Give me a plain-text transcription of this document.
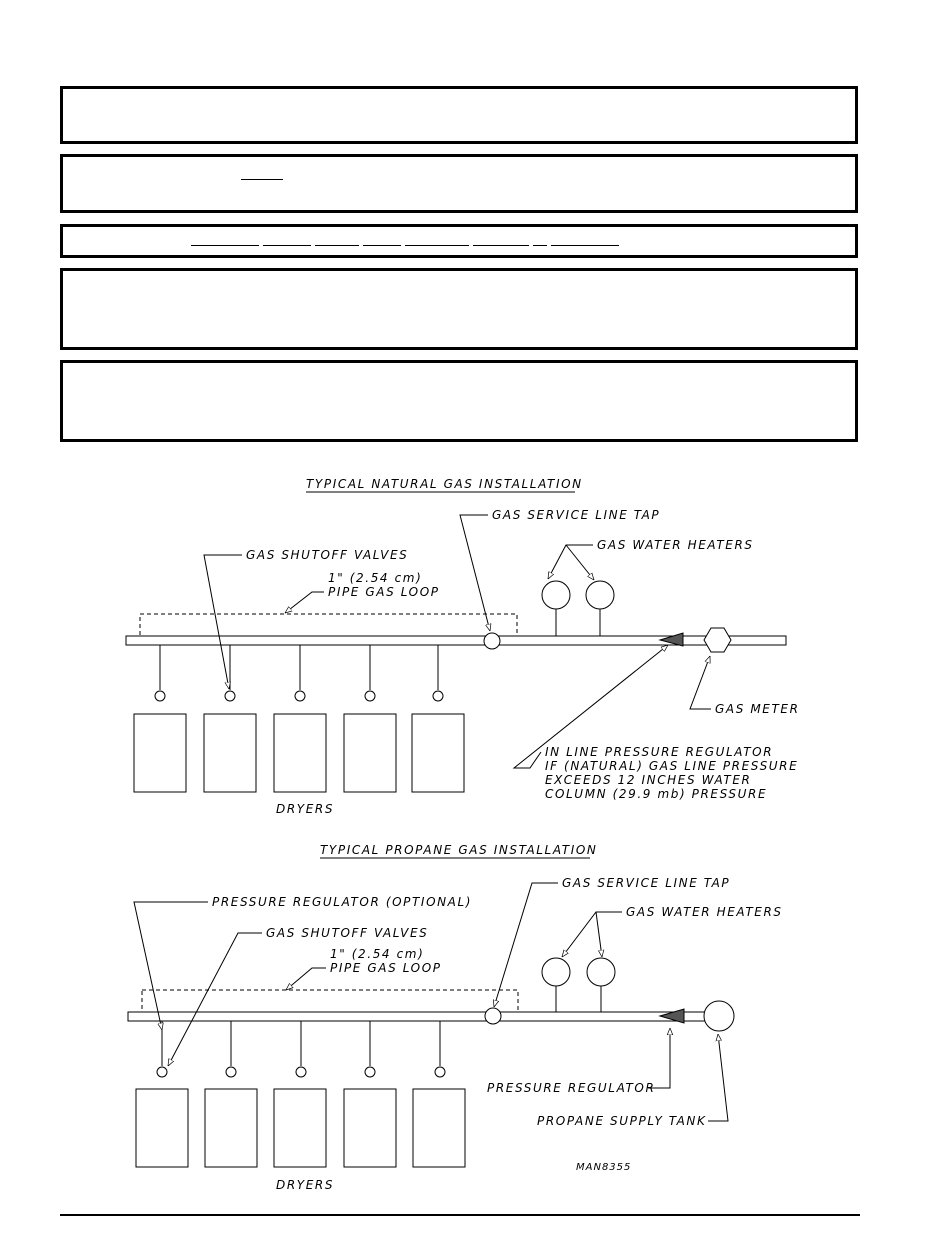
TYPICAL NATURAL GAS INSTALLATION
GAS SERVICE LINE TAP
GAS WATER HEATERS
GAS SHUTOFF VALVES
1" (2.54 cm)
PIPE GAS LOOP
GAS METER
IN LINE PRESSURE REGULATOR
IF (NATURAL) GAS LINE PRESSURE
EXCEEDS 12 INCHES WATER
COLUMN (29.9 mb) PRESSURE
DRYERS
TYPICAL PROPANE GAS INSTALLATION
GAS SERVICE LINE TAP
GAS WATER HEATERS
PRESSURE REGULATOR (OPTIONAL)
GAS SHUTOFF VALVES
1" (2.54 cm)
PIPE GAS LOOP
PRESSURE REGULATOR
PROPANE SUPPLY TANK
DRYERS
MAN8355
